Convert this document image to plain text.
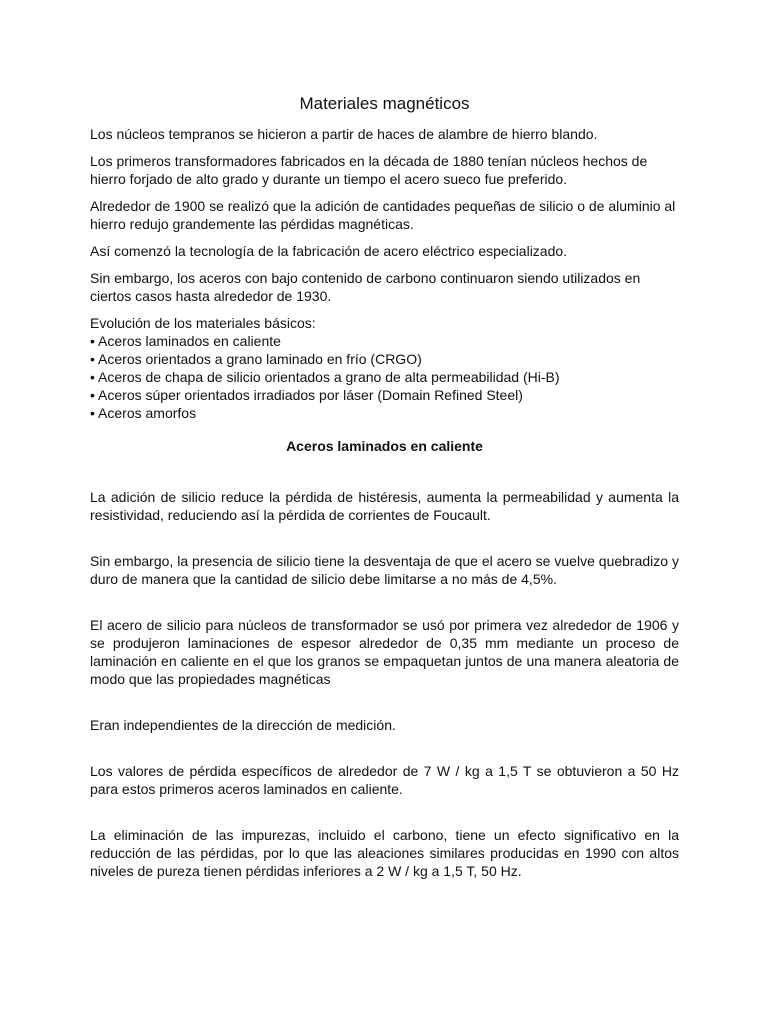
Materiales magnéticos

Los núcleos tempranos se hicieron a partir de haces de alambre de hierro blando.

Los primeros transformadores fabricados en la década de 1880 tenían núcleos hechos de hierro forjado de alto grado y durante un tiempo el acero sueco fue preferido.

Alrededor de 1900 se realizó que la adición de cantidades pequeñas de silicio o de aluminio al hierro redujo grandemente las pérdidas magnéticas.

Así comenzó la tecnología de la fabricación de acero eléctrico especializado.

Sin embargo, los aceros con bajo contenido de carbono continuaron siendo utilizados en ciertos casos hasta alrededor de 1930.

Evolución de los materiales básicos:

• Aceros laminados en caliente
• Aceros orientados a grano laminado en frío (CRGO)
• Aceros de chapa de silicio orientados a grano de alta permeabilidad (Hi-B)
• Aceros súper orientados irradiados por láser (Domain Refined Steel)
• Aceros amorfos
Aceros laminados en caliente

La adición de silicio reduce la pérdida de histéresis, aumenta la permeabilidad y aumenta la resistividad, reduciendo así la pérdida de corrientes de Foucault.

Sin embargo, la presencia de silicio tiene la desventaja de que el acero se vuelve quebradizo y duro de manera que la cantidad de silicio debe limitarse a no más de 4,5%.

El acero de silicio para núcleos de transformador se usó por primera vez alrededor de 1906 y se produjeron laminaciones de espesor alrededor de 0,35 mm mediante un proceso de laminación en caliente en el que los granos se empaquetan juntos de una manera aleatoria de modo que las propiedades magnéticas

Eran independientes de la dirección de medición.

Los valores de pérdida específicos de alrededor de 7 W / kg a 1,5 T se obtuvieron a 50 Hz para estos primeros aceros laminados en caliente.

La eliminación de las impurezas, incluido el carbono, tiene un efecto significativo en la reducción de las pérdidas, por lo que las aleaciones similares producidas en 1990 con altos niveles de pureza tienen pérdidas inferiores a 2 W / kg a 1,5 T, 50 Hz.
